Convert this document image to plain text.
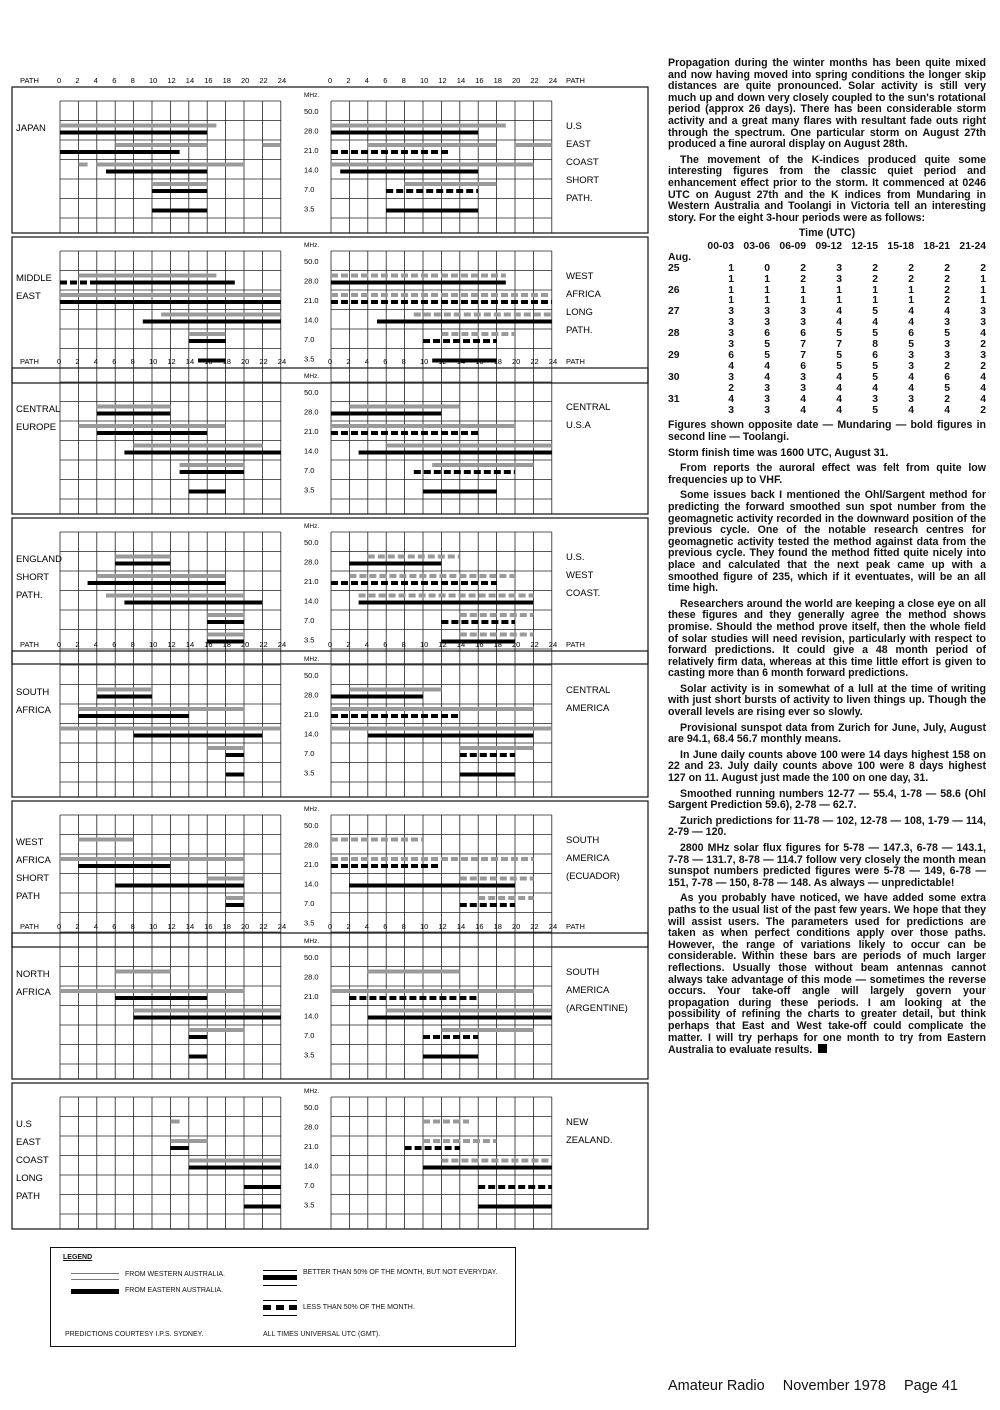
PATH	PATH
0	0
2	2
4	4
6	6
8	8
10	10
12	12
14	14
16	16
18	18
20	20
22	22
24	24
MHz.
50.0
28.0
21.0
14.0
7.0
3.5
JAPAN	U.S
EAST
COAST
SHORT
PATH.
MHz.
50.0
28.0
21.0
14.0
7.0
3.5
MIDDLE
EAST
WEST
AFRICA
LONG
PATH.
PATH	PATH
0	0
2	2
4	4
6	6
8	8
10	10
12	12
14	14
16	16
18	18
20	20
22	22
24	24
MHz.
50.0
28.0
21.0
14.0
7.0
3.5
CENTRAL
EUROPE
CENTRAL
U.S.A
MHz.
50.0
28.0
21.0
14.0
7.0
3.5
ENGLAND
SHORT
PATH.
U.S.
WEST
COAST.
PATH	PATH
0	0
2	2
4	4
6	6
8	8
10	10
12	12
14	14
16	16
18	18
20	20
22	22
24	24
MHz.
50.0
28.0
21.0
14.0
7.0
3.5
SOUTH
AFRICA
CENTRAL
AMERICA
MHz.
50.0
28.0
21.0
14.0
7.0
3.5
WEST
AFRICA
SHORT
PATH
SOUTH
AMERICA
(ECUADOR)
PATH	PATH
0	0
2	2
4	4
6	6
8	8
10	10
12	12
14	14
16	16
18	18
20	20
22	22
24	24
MHz.
50.0
28.0
21.0
14.0
7.0
3.5
NORTH
AFRICA
SOUTH
AMERICA
(ARGENTINE)
MHz.
50.0
28.0
21.0
14.0
7.0
3.5
U.S
EAST
COAST
LONG
PATH
NEW
ZEALAND.
LEGEND
FROM WESTERN AUSTRALIA.
FROM EASTERN AUSTRALIA.
BETTER THAN 50% OF THE MONTH, BUT NOT EVERYDAY.
LESS THAN 50% OF THE MONTH.
PREDICTIONS COURTESY I.P.S. SYDNEY.	ALL TIMES UNIVERSAL UTC (GMT).

Propagation during the winter months has been quite mixed and now having moved into spring conditions the longer skip distances are quite pronounced. Solar activity is still very much up and down very closely coupled to the sun's rotational period (approx 26 days). There has been considerable storm activity and a great many flares with resultant fade outs right through the spectrum. One particular storm on August 27th produced a fine auroral display on August 28th.

The movement of the K-indices produced quite some interesting figures from the classic quiet period and enhancement effect prior to the storm. It commenced at 0246 UTC on August 27th and the K indices from Mundaring in Western Australia and Toolangi in Victoria tell an interesting story. For the eight 3-hour periods were as follows:

Time (UTC)
	00-03	03-06	06-09	09-12	12-15	15-18	18-21	21-24
Aug.								
25	1	0	2	3	2	2	2	2
	1	1	2	3	2	2	2	1
26	1	1	1	1	1	1	2	1
	1	1	1	1	1	1	2	1
27	3	3	3	4	5	4	4	3
	3	3	3	4	4	4	3	3
28	3	6	6	5	5	6	5	4
	3	5	7	7	8	5	3	2
29	6	5	7	5	6	3	3	3
	4	4	6	5	5	3	2	2
30	3	4	3	4	5	4	6	4
	2	3	3	4	4	4	5	4
31	4	3	4	4	3	3	2	4
	3	3	4	4	5	4	4	2

Figures shown opposite date — Mundaring — bold figures in second line — Toolangi.

Storm finish time was 1600 UTC, August 31.

From reports the auroral effect was felt from quite low frequencies up to VHF.

Some issues back I mentioned the Ohl/Sargent method for predicting the forward smoothed sun spot number from the geomagnetic activity recorded in the downward position of the previous cycle. One of the notable research centres for geomagnetic activity tested the method against data from the previous cycle. They found the method fitted quite nicely into place and calculated that the next peak came up with a smoothed figure of 235, which if it eventuates, will be an all time high.

Researchers around the world are keeping a close eye on all these figures and they generally agree the method shows promise. Should the method prove itself, then the whole field of solar studies will need revision, particularly with respect to forward predictions. It could give a 48 month period of relatively firm data, whereas at this time little effort is given to casting more than 6 month forward predictions.

Solar activity is in somewhat of a lull at the time of writing with just short bursts of activity to liven things up. Though the overall levels are rising ever so slowly.

Provisional sunspot data from Zurich for June, July, August are 94.1, 68.4 56.7 monthly means.

In June daily counts above 100 were 14 days highest 158 on 22 and 23. July daily counts above 100 were 8 days highest 127 on 11. August just made the 100 on one day, 31.

Smoothed running numbers 12-77 — 55.4, 1-78 — 58.6 (Ohl Sargent Prediction 59.6), 2-78 — 62.7.

Zurich predictions for 11-78 — 102, 12-78 — 108, 1-79 — 114, 2-79 — 120.

2800 MHz solar flux figures for 5-78 — 147.3, 6-78 — 143.1, 7-78 — 131.7, 8-78 — 114.7 follow very closely the month mean sunspot numbers predicted figures were 5-78 — 149, 6-78 — 151, 7-78 — 150, 8-78 — 148. As always — unpredictable!

As you probably have noticed, we have added some extra paths to the usual list of the past few years. We hope that they will assist users. The parameters used for predictions are taken as when perfect conditions apply over those paths. However, the range of variations likely to occur can be considerable. Within these bars are periods of much larger reflections. Usually those without beam antennas cannot always take advantage of this mode — sometimes the reverse occurs. Your take-off angle will largely govern your propagation during these periods. I am looking at the possibility of refining the charts to greater detail, but think perhaps that East and West take-off could complicate the matter. I will try perhaps for one month to try from Eastern Australia to evaluate results.

Amateur Radio November 1978 Page 41
